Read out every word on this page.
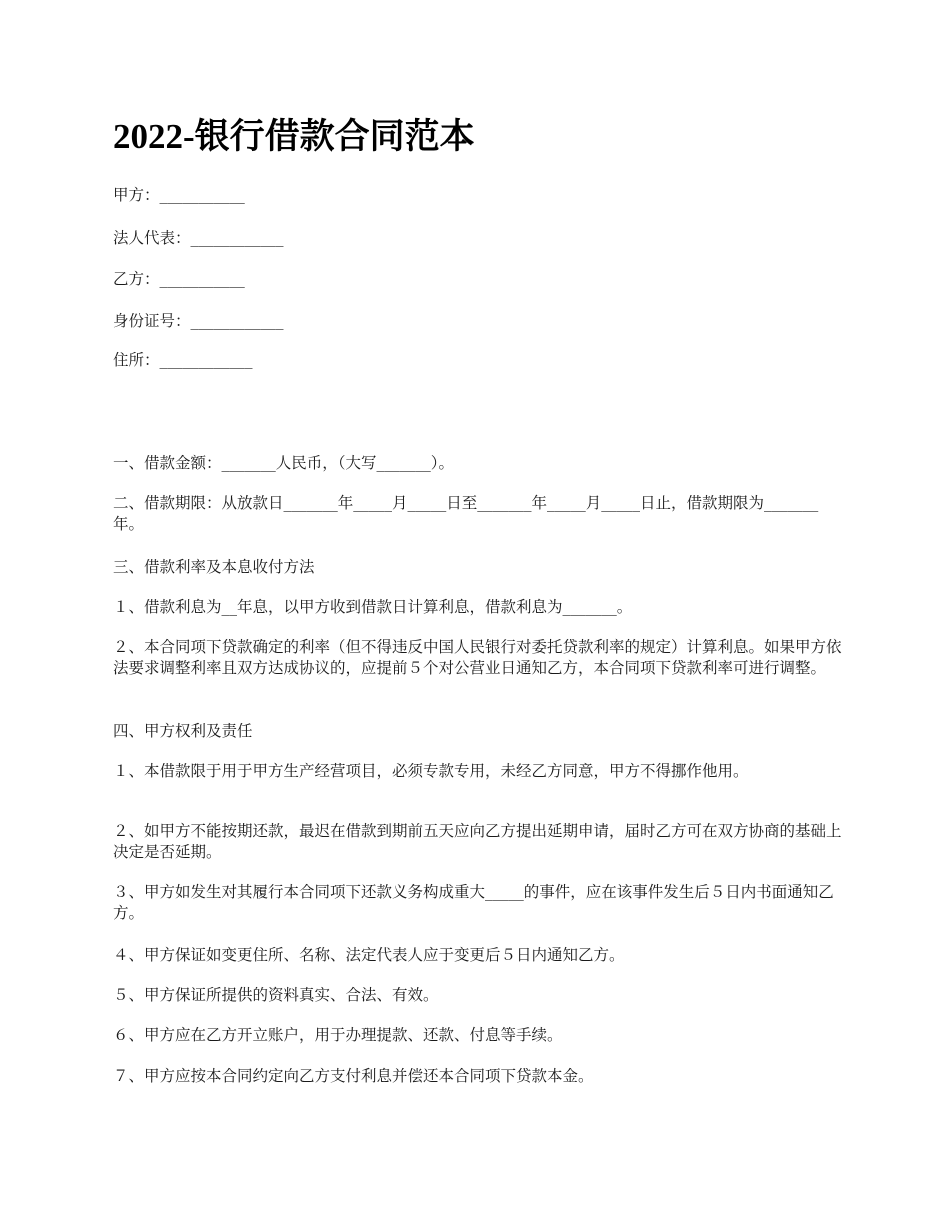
2022-银行借款合同范本

甲方：___________

法人代表：____________

乙方：___________

身份证号：____________

住所：____________

一、借款金额：_______人民币，（大写_______）。

二、借款期限：从放款日_______年_____月_____日至_______年_____月_____日止，借款期限为_______年。

三、借款利率及本息收付方法

１、借款利息为__年息，以甲方收到借款日计算利息，借款利息为_______。

２、本合同项下贷款确定的利率（但不得违反中国人民银行对委托贷款利率的规定）计算利息。如果甲方依法要求调整利率且双方达成协议的，应提前５个对公营业日通知乙方，本合同项下贷款利率可进行调整。

四、甲方权利及责任

１、本借款限于用于甲方生产经营项目，必须专款专用，未经乙方同意，甲方不得挪作他用。

２、如甲方不能按期还款，最迟在借款到期前五天应向乙方提出延期申请，届时乙方可在双方协商的基础上决定是否延期。

３、甲方如发生对其履行本合同项下还款义务构成重大_____的事件，应在该事件发生后５日内书面通知乙方。

４、甲方保证如变更住所、名称、法定代表人应于变更后５日内通知乙方。

５、甲方保证所提供的资料真实、合法、有效。

６、甲方应在乙方开立账户，用于办理提款、还款、付息等手续。

７、甲方应按本合同约定向乙方支付利息并偿还本合同项下贷款本金。
